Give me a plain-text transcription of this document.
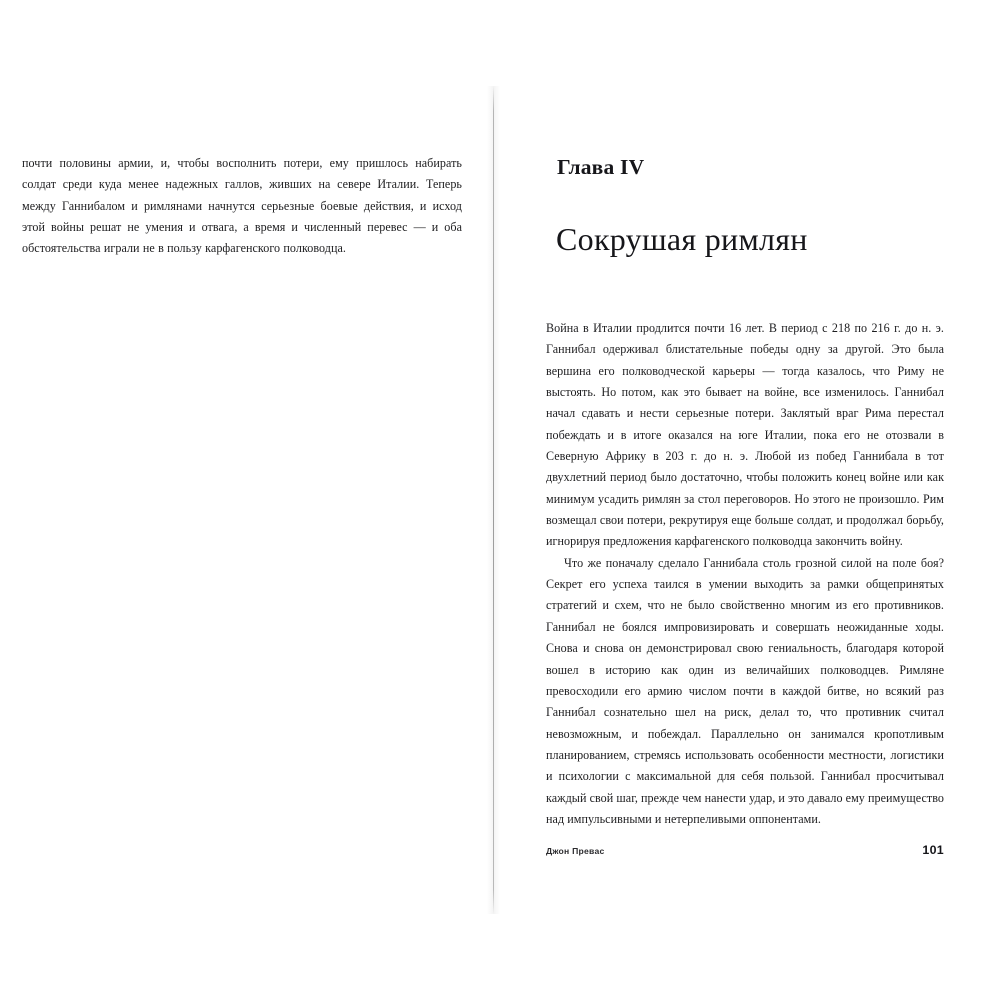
почти половины армии, и, чтобы восполнить потери, ему пришлось набирать солдат среди куда менее надежных галлов, живших на севере Италии. Теперь между Ганнибалом и римлянами начнутся серьезные боевые действия, и исход этой войны решат не умения и отвага, а время и численный перевес — и оба обстоятельства играли не в пользу карфагенского полководца.
Глава IV
Сокрушая римлян

Война в Италии продлится почти 16 лет. В период с 218 по 216 г. до н. э. Ганнибал одерживал блистательные победы одну за другой. Это была вершина его полководческой карьеры — тогда казалось, что Риму не выстоять. Но потом, как это бывает на войне, все изменилось. Ганнибал начал сдавать и нести серьезные потери. Заклятый враг Рима перестал побеждать и в итоге оказался на юге Италии, пока его не отозвали в Северную Африку в 203 г. до н. э. Любой из побед Ганнибала в тот двухлетний период было достаточно, чтобы положить конец войне или как минимум усадить римлян за стол переговоров. Но этого не произошло. Рим возмещал свои потери, рекрутируя еще больше солдат, и продолжал борьбу, игнорируя предложения карфагенского полководца закончить войну.

Что же поначалу сделало Ганнибала столь грозной силой на поле боя? Секрет его успеха таился в умении выходить за рамки общепринятых стратегий и схем, что не было свойственно многим из его противников. Ганнибал не боялся импровизировать и совершать неожиданные ходы. Снова и снова он демонстрировал свою гениальность, благодаря которой вошел в историю как один из величайших полководцев. Римляне превосходили его армию числом почти в каждой битве, но всякий раз Ганнибал сознательно шел на риск, делал то, что противник считал невозможным, и побеждал. Параллельно он занимался кропотливым планированием, стремясь использовать особенности местности, логистики и психологии с максимальной для себя пользой. Ганнибал просчитывал каждый свой шаг, прежде чем нанести удар, и это давало ему преимущество над импульсивными и нетерпеливыми оппонентами.

Джон Превас	101
